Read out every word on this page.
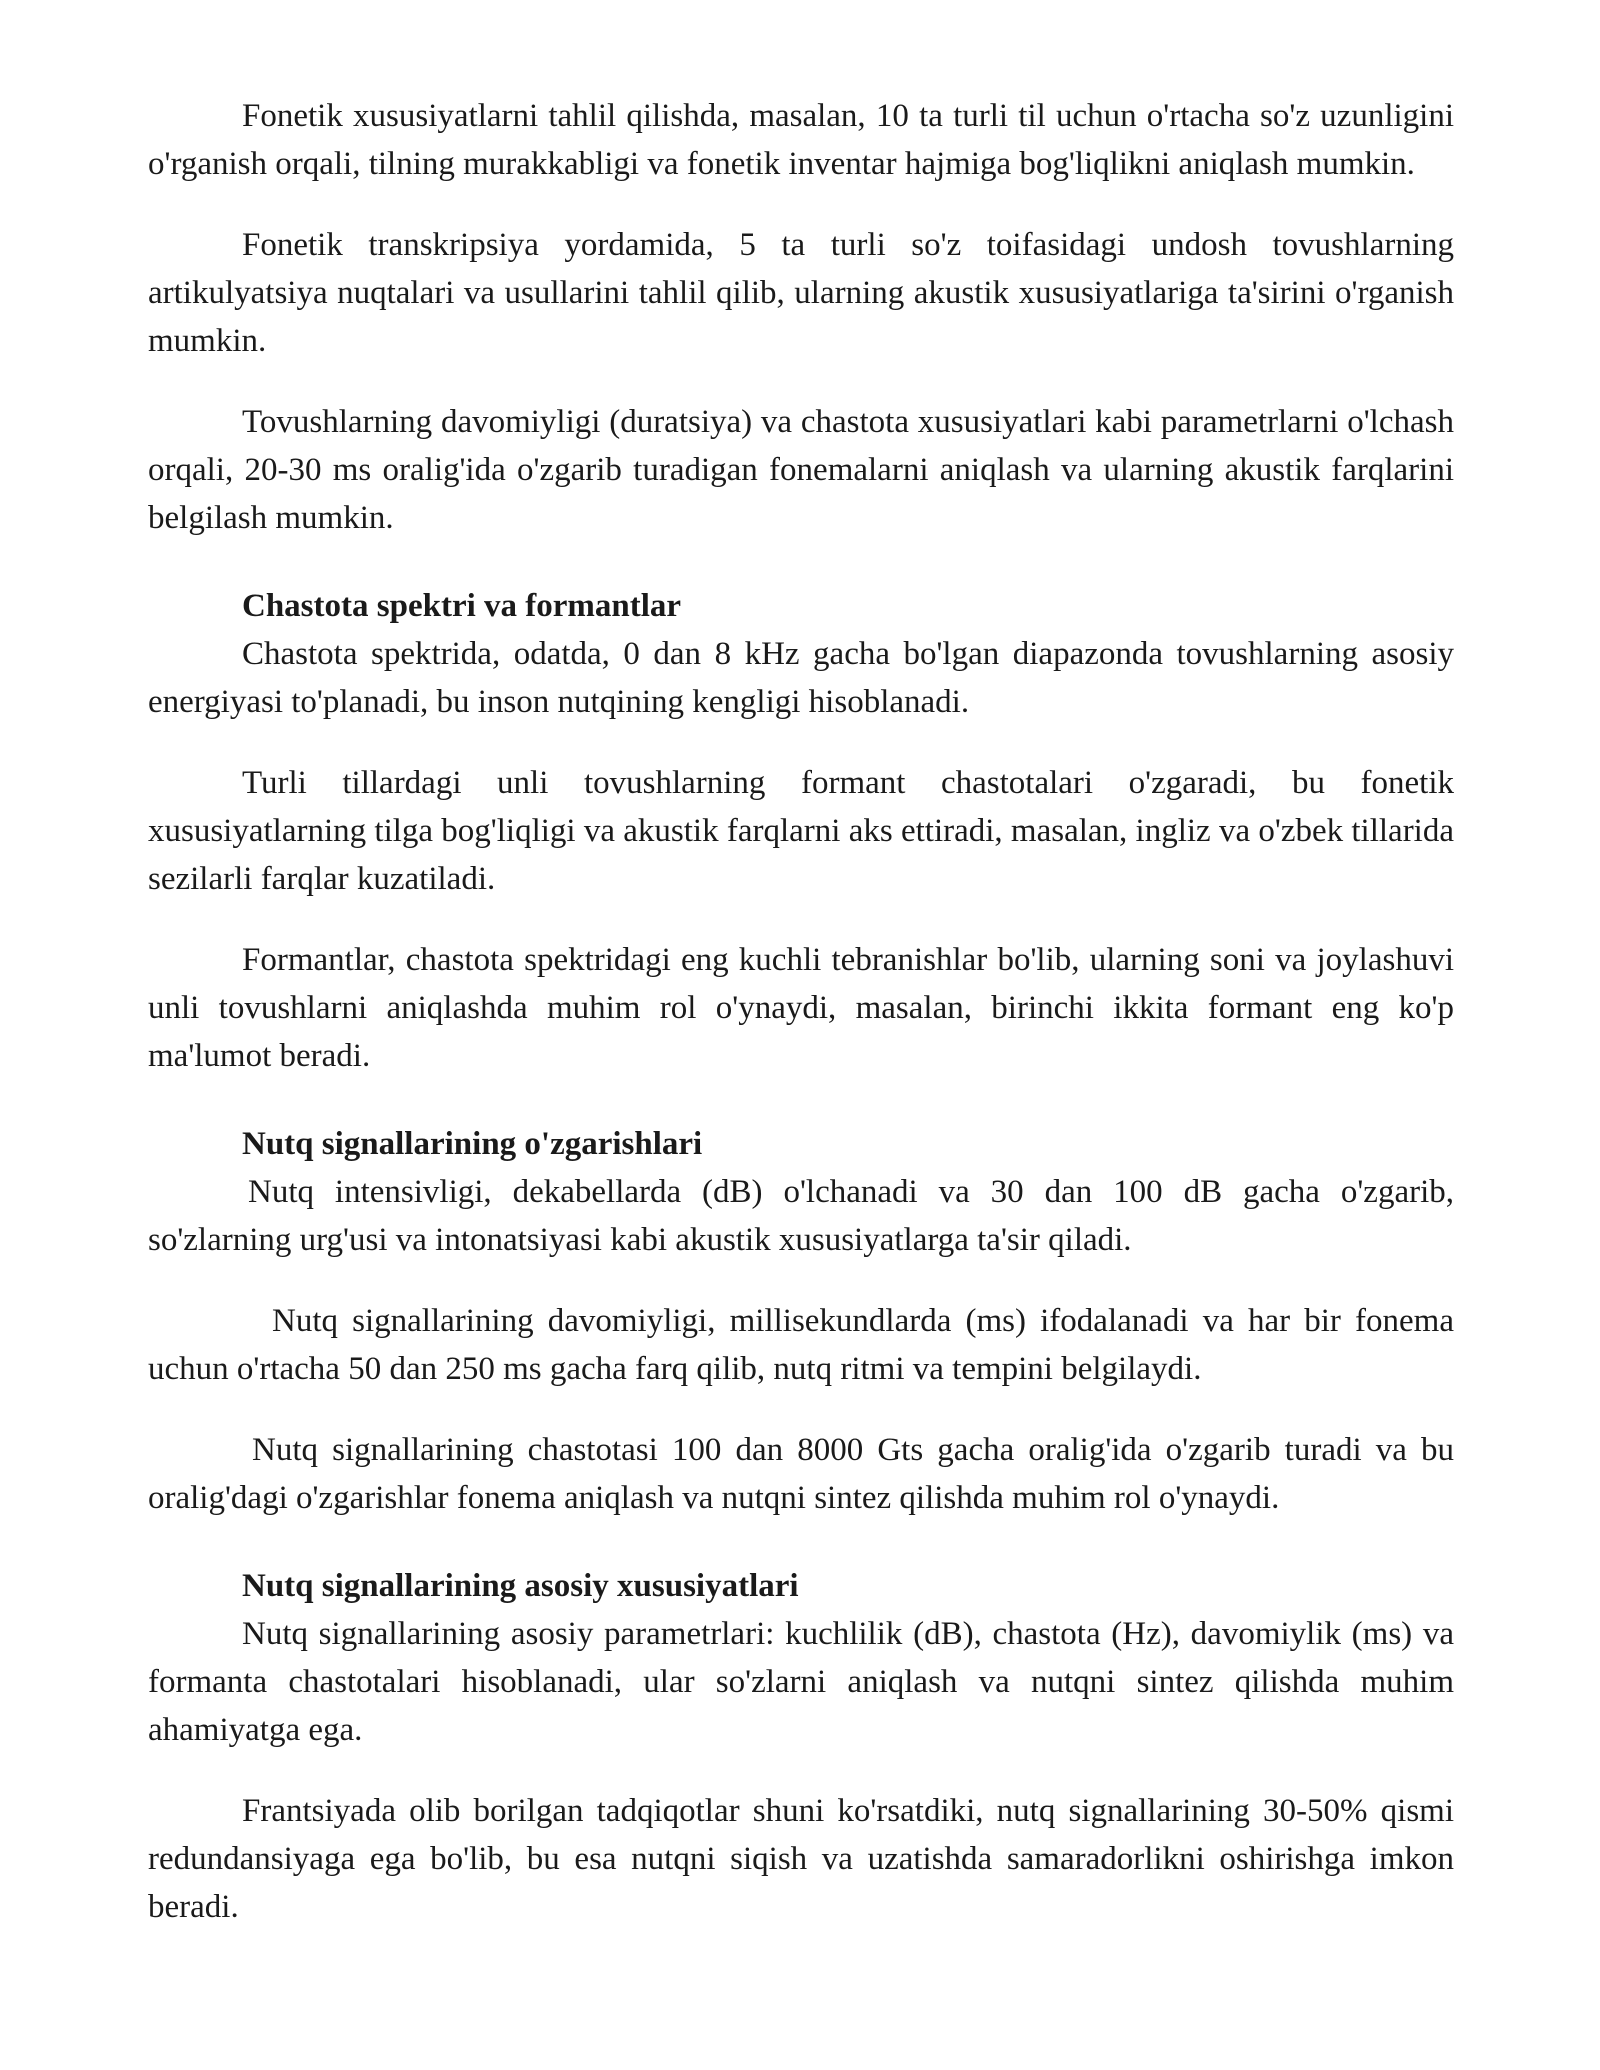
Fonetik xususiyatlarni tahlil qilishda, masalan, 10 ta turli til uchun o'rtacha so'z uzunligini o'rganish orqali, tilning murakkabligi va fonetik inventar hajmiga bog'liqlikni aniqlash mumkin.

Fonetik transkripsiya yordamida, 5 ta turli so'z toifasidagi undosh tovushlarning artikulyatsiya nuqtalari va usullarini tahlil qilib, ularning akustik xususiyatlariga ta'sirini o'rganish mumkin.

Tovushlarning davomiyligi (duratsiya) va chastota xususiyatlari kabi parametrlarni o'lchash orqali, 20-30 ms oralig'ida o'zgarib turadigan fonemalarni aniqlash va ularning akustik farqlarini belgilash mumkin.

Chastota spektri va formantlar

Chastota spektrida, odatda, 0 dan 8 kHz gacha bo'lgan diapazonda tovushlarning asosiy energiyasi to'planadi, bu inson nutqining kengligi hisoblanadi.

Turli tillardagi unli tovushlarning formant chastotalari o'zgaradi, bu fonetik xususiyatlarning tilga bog'liqligi va akustik farqlarni aks ettiradi, masalan, ingliz va o'zbek tillarida sezilarli farqlar kuzatiladi.

Formantlar, chastota spektridagi eng kuchli tebranishlar bo'lib, ularning soni va joylashuvi unli tovushlarni aniqlashda muhim rol o'ynaydi, masalan, birinchi ikkita formant eng ko'p ma'lumot beradi.

Nutq signallarining o'zgarishlari

Nutq intensivligi, dekabellarda (dB) o'lchanadi va 30 dan 100 dB gacha o'zgarib, so'zlarning urg'usi va intonatsiyasi kabi akustik xususiyatlarga ta'sir qiladi.

Nutq signallarining davomiyligi, millisekundlarda (ms) ifodalanadi va har bir fonema uchun o'rtacha 50 dan 250 ms gacha farq qilib, nutq ritmi va tempini belgilaydi.

Nutq signallarining chastotasi 100 dan 8000 Gts gacha oralig'ida o'zgarib turadi va bu oralig'dagi o'zgarishlar fonema aniqlash va nutqni sintez qilishda muhim rol o'ynaydi.

Nutq signallarining asosiy xususiyatlari

Nutq signallarining asosiy parametrlari: kuchlilik (dB), chastota (Hz), davomiylik (ms) va formanta chastotalari hisoblanadi, ular so'zlarni aniqlash va nutqni sintez qilishda muhim ahamiyatga ega.

Frantsiyada olib borilgan tadqiqotlar shuni ko'rsatdiki, nutq signallarining 30-50% qismi redundansiyaga ega bo'lib, bu esa nutqni siqish va uzatishda samaradorlikni oshirishga imkon beradi.
